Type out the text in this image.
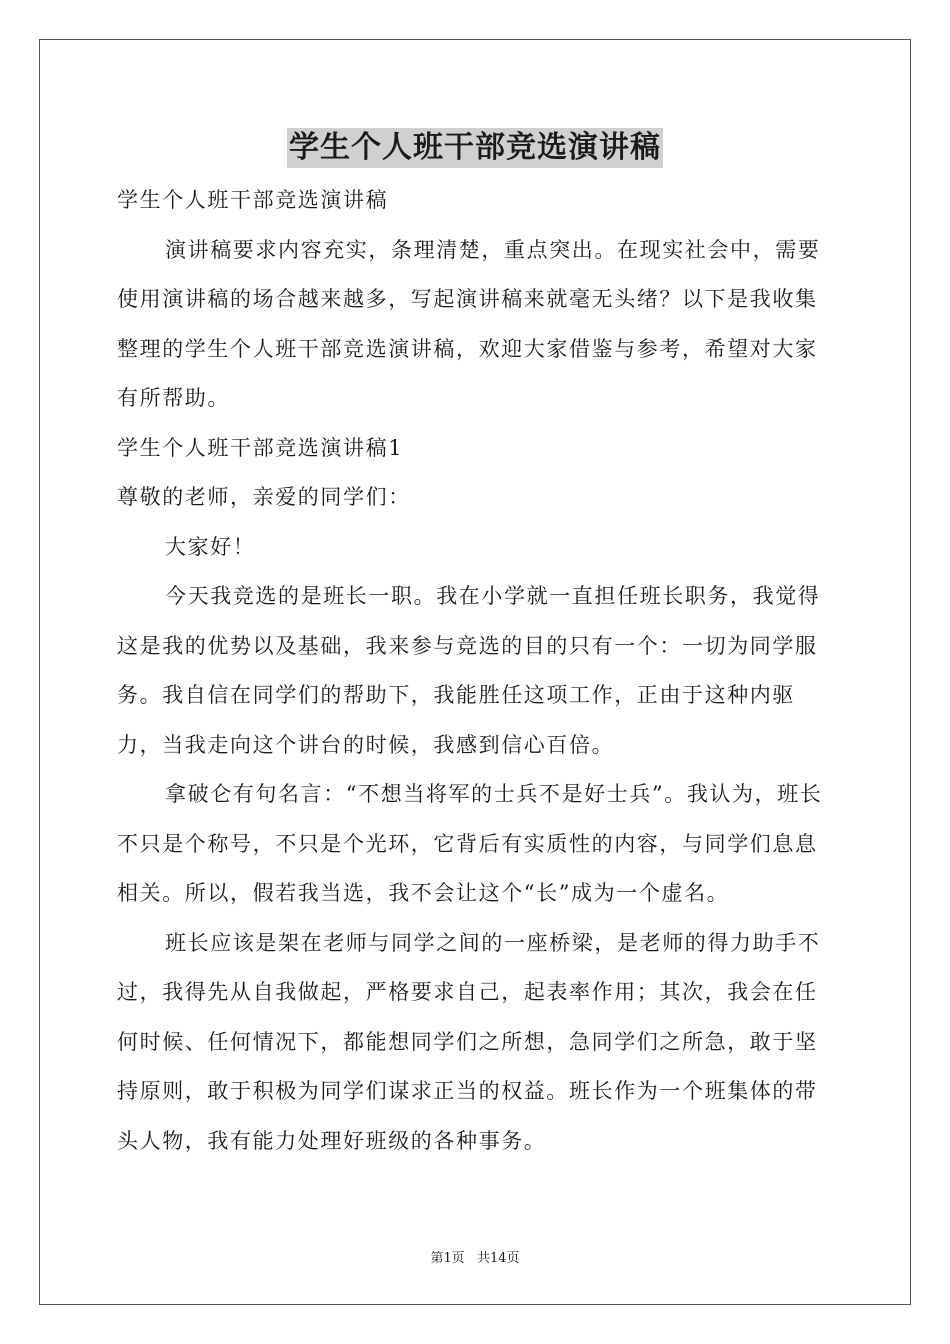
学生个人班干部竞选演讲稿

学生个人班干部竞选演讲稿

演讲稿要求内容充实，条理清楚，重点突出。在现实社会中，需要使用演讲稿的场合越来越多，写起演讲稿来就毫无头绪？以下是我收集整理的学生个人班干部竞选演讲稿，欢迎大家借鉴与参考，希望对大家有所帮助。

学生个人班干部竞选演讲稿1

尊敬的老师，亲爱的同学们：

大家好！

今天我竞选的是班长一职。我在小学就一直担任班长职务，我觉得这是我的优势以及基础，我来参与竞选的目的只有一个：一切为同学服务。我自信在同学们的帮助下，我能胜任这项工作，正由于这种内驱力，当我走向这个讲台的时候，我感到信心百倍。

拿破仑有句名言：“不想当将军的士兵不是好士兵”。我认为，班长不只是个称号，不只是个光环，它背后有实质性的内容，与同学们息息相关。所以，假若我当选，我不会让这个“长”成为一个虚名。

班长应该是架在老师与同学之间的一座桥梁，是老师的得力助手不过，我得先从自我做起，严格要求自己，起表率作用；其次，我会在任何时候、任何情况下，都能想同学们之所想，急同学们之所急，敢于坚持原则，敢于积极为同学们谋求正当的权益。班长作为一个班集体的带头人物，我有能力处理好班级的各种事务。

第1页 共14页
